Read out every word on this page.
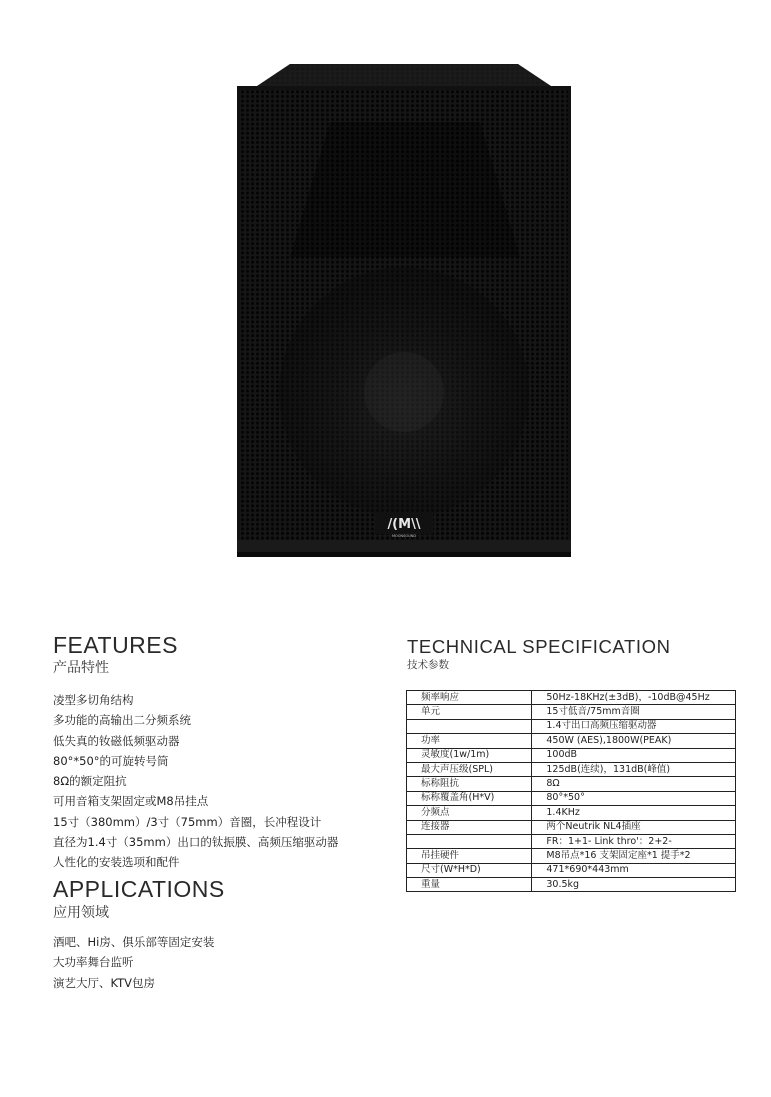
/(M\\
MOONSOUND
FEATURES
产品特性
凌型多切角结构
多功能的高输出二分频系统
低失真的钕磁低频驱动器
80°*50°的可旋转号筒
8Ω的额定阻抗
可用音箱支架固定或M8吊挂点
15寸（380mm）/3寸（75mm）音圈，长冲程设计
直径为1.4寸（35mm）出口的钛振膜、高频压缩驱动器
人性化的安装选项和配件
APPLICATIONS
应用领域
酒吧、Hi房、俱乐部等固定安装
大功率舞台监听
演艺大厅、KTV包房
TECHNICAL SPECIFICATION
技术参数
频率响应	50Hz-18KHz(±3dB)，-10dB@45Hz
单元	15寸低音/75mm音圈
	1.4寸出口高频压缩驱动器
功率	450W (AES),1800W(PEAK)
灵敏度(1w/1m)	100dB
最大声压级(SPL)	125dB(连续)，131dB(峰值)
标称阻抗	8Ω
标称覆盖角(H*V)	80°*50°
分频点	1.4KHz
连接器	两个Neutrik NL4插座
	FR：1+1- Link thro'：2+2-
吊挂硬件	M8吊点*16 支架固定座*1 提手*2
尺寸(W*H*D)	471*690*443mm
重量	30.5kg
